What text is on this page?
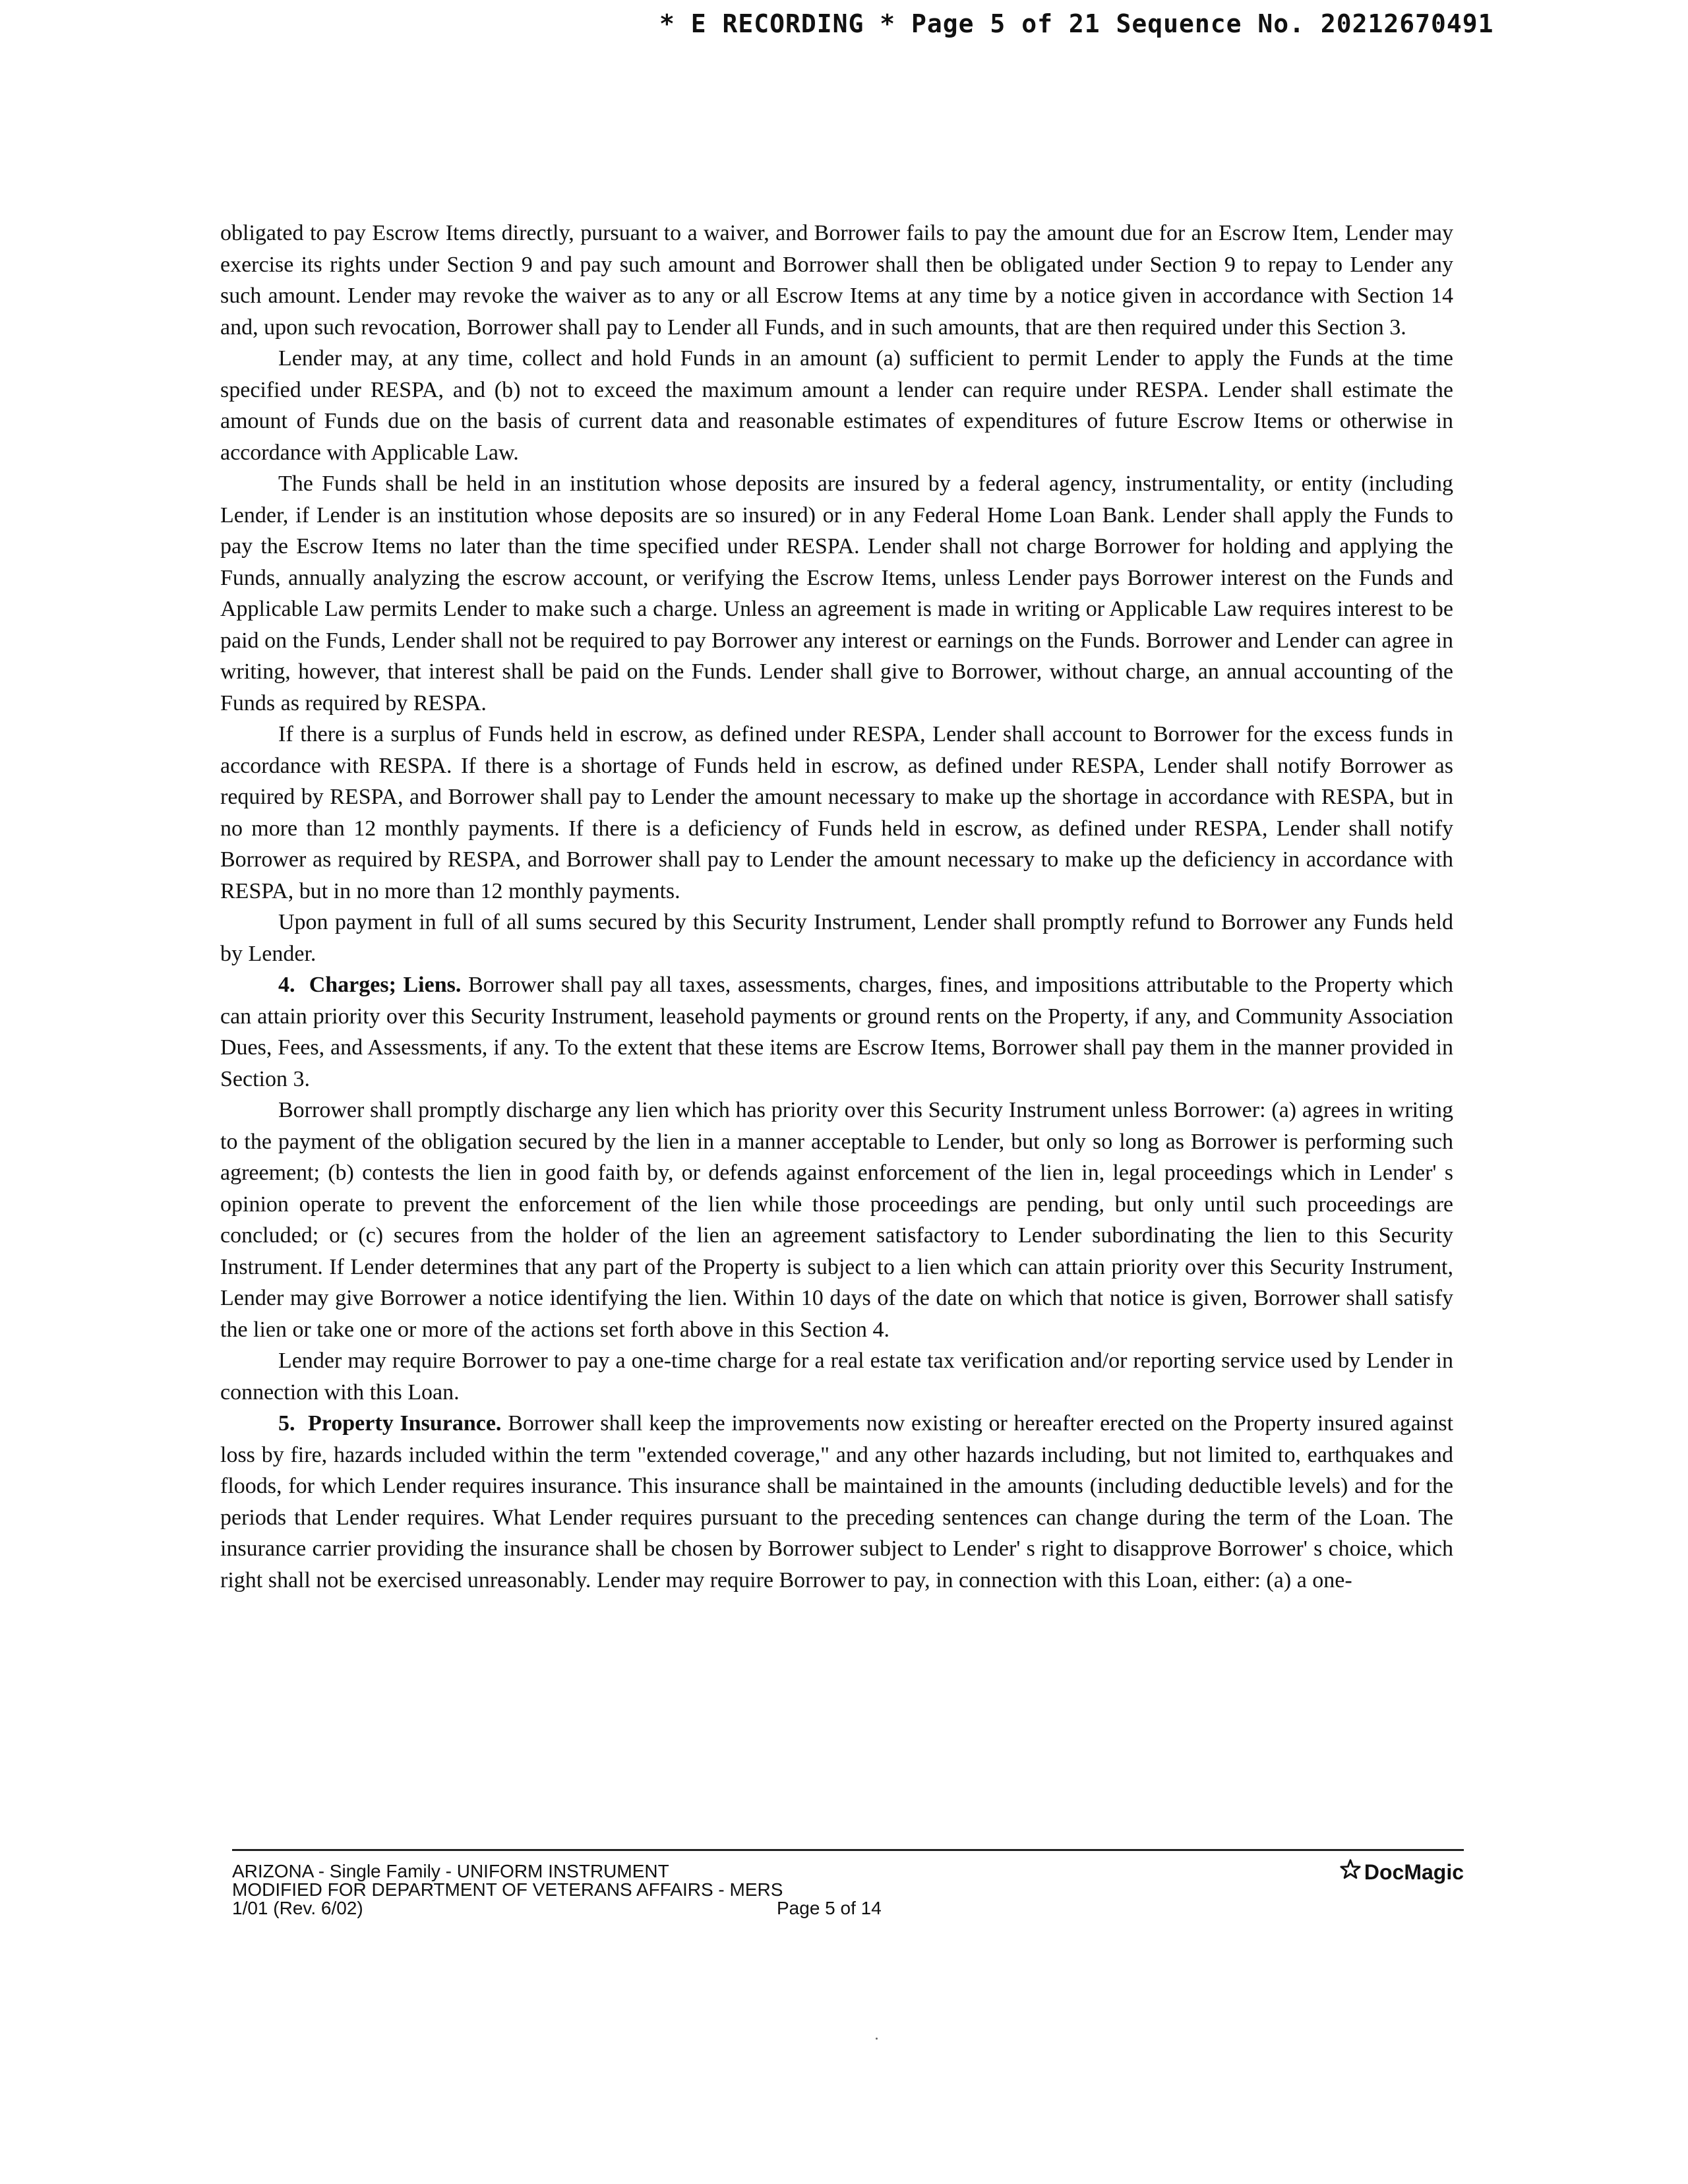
* E RECORDING * Page 5 of 21 Sequence No. 20212670491

obligated to pay Escrow Items directly, pursuant to a waiver, and Borrower fails to pay the amount due for an Escrow Item, Lender may exercise its rights under Section 9 and pay such amount and Borrower shall then be obligated under Section 9 to repay to Lender any such amount. Lender may revoke the waiver as to any or all Escrow Items at any time by a notice given in accordance with Section 14 and, upon such revocation, Borrower shall pay to Lender all Funds, and in such amounts, that are then required under this Section 3.

Lender may, at any time, collect and hold Funds in an amount (a) sufficient to permit Lender to apply the Funds at the time specified under RESPA, and (b) not to exceed the maximum amount a lender can require under RESPA. Lender shall estimate the amount of Funds due on the basis of current data and reasonable estimates of expenditures of future Escrow Items or otherwise in accordance with Applicable Law.

The Funds shall be held in an institution whose deposits are insured by a federal agency, instrumentality, or entity (including Lender, if Lender is an institution whose deposits are so insured) or in any Federal Home Loan Bank. Lender shall apply the Funds to pay the Escrow Items no later than the time specified under RESPA. Lender shall not charge Borrower for holding and applying the Funds, annually analyzing the escrow account, or verifying the Escrow Items, unless Lender pays Borrower interest on the Funds and Applicable Law permits Lender to make such a charge. Unless an agreement is made in writing or Applicable Law requires interest to be paid on the Funds, Lender shall not be required to pay Borrower any interest or earnings on the Funds. Borrower and Lender can agree in writing, however, that interest shall be paid on the Funds. Lender shall give to Borrower, without charge, an annual accounting of the Funds as required by RESPA.

If there is a surplus of Funds held in escrow, as defined under RESPA, Lender shall account to Borrower for the excess funds in accordance with RESPA. If there is a shortage of Funds held in escrow, as defined under RESPA, Lender shall notify Borrower as required by RESPA, and Borrower shall pay to Lender the amount necessary to make up the shortage in accordance with RESPA, but in no more than 12 monthly payments. If there is a deficiency of Funds held in escrow, as defined under RESPA, Lender shall notify Borrower as required by RESPA, and Borrower shall pay to Lender the amount necessary to make up the deficiency in accordance with RESPA, but in no more than 12 monthly payments.

Upon payment in full of all sums secured by this Security Instrument, Lender shall promptly refund to Borrower any Funds held by Lender.

4. Charges; Liens. Borrower shall pay all taxes, assessments, charges, fines, and impositions attributable to the Property which can attain priority over this Security Instrument, leasehold payments or ground rents on the Property, if any, and Community Association Dues, Fees, and Assessments, if any. To the extent that these items are Escrow Items, Borrower shall pay them in the manner provided in Section 3.

Borrower shall promptly discharge any lien which has priority over this Security Instrument unless Borrower: (a) agrees in writing to the payment of the obligation secured by the lien in a manner acceptable to Lender, but only so long as Borrower is performing such agreement; (b) contests the lien in good faith by, or defends against enforcement of the lien in, legal proceedings which in Lender' s opinion operate to prevent the enforcement of the lien while those proceedings are pending, but only until such proceedings are concluded; or (c) secures from the holder of the lien an agreement satisfactory to Lender subordinating the lien to this Security Instrument. If Lender determines that any part of the Property is subject to a lien which can attain priority over this Security Instrument, Lender may give Borrower a notice identifying the lien. Within 10 days of the date on which that notice is given, Borrower shall satisfy the lien or take one or more of the actions set forth above in this Section 4.

Lender may require Borrower to pay a one-time charge for a real estate tax verification and/or reporting service used by Lender in connection with this Loan.

5. Property Insurance. Borrower shall keep the improvements now existing or hereafter erected on the Property insured against loss by fire, hazards included within the term "extended coverage," and any other hazards including, but not limited to, earthquakes and floods, for which Lender requires insurance. This insurance shall be maintained in the amounts (including deductible levels) and for the periods that Lender requires. What Lender requires pursuant to the preceding sentences can change during the term of the Loan. The insurance carrier providing the insurance shall be chosen by Borrower subject to Lender' s right to disapprove Borrower' s choice, which right shall not be exercised unreasonably. Lender may require Borrower to pay, in connection with this Loan, either: (a) a one-

ARIZONA - Single Family - UNIFORM INSTRUMENT
MODIFIED FOR DEPARTMENT OF VETERANS AFFAIRS - MERS
1/01 (Rev. 6/02)	Page 5 of 14
DocMagic
